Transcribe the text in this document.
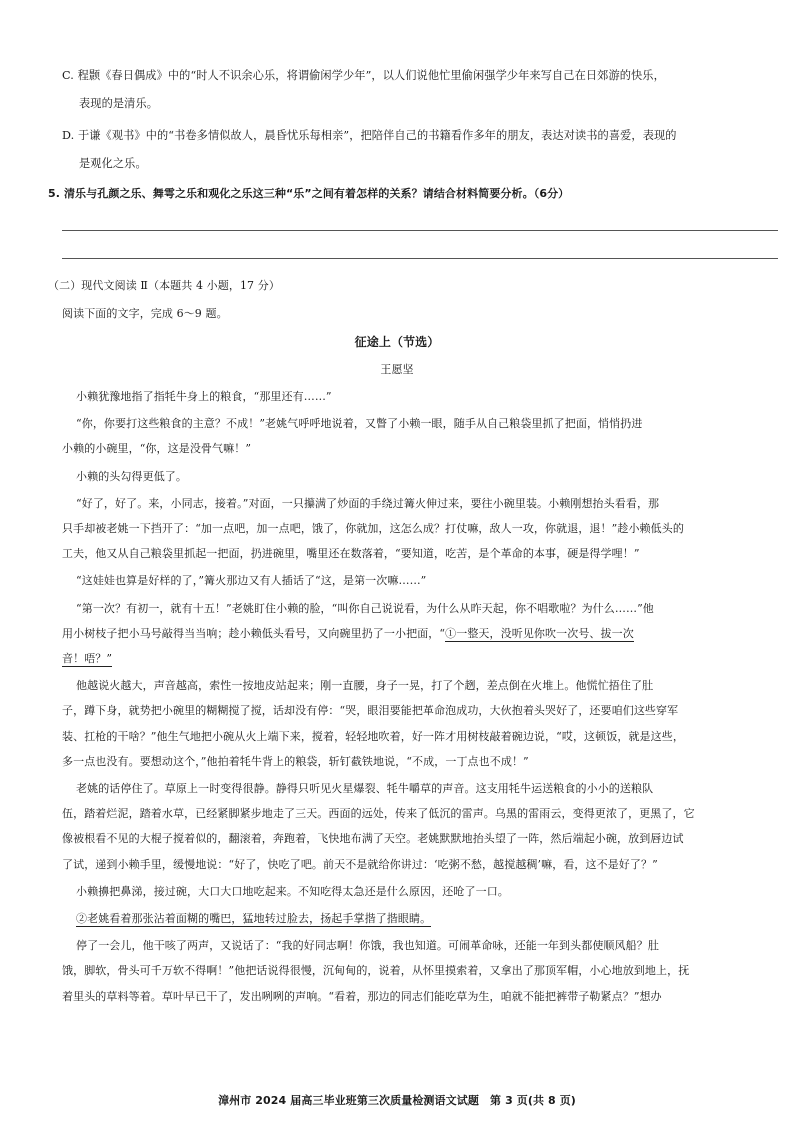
C. 程颢《春日偶成》中的“时人不识余心乐，将谓偷闲学少年”，以人们说他忙里偷闲强学少年来写自己在日郊游的快乐，
表现的是清乐。
D. 于谦《观书》中的“书卷多情似故人，晨昏忧乐每相亲”，把陪伴自己的书籍看作多年的朋友，表达对读书的喜爱，表现的
是观化之乐。
5. 清乐与孔颜之乐、舞雩之乐和观化之乐这三种“乐”之间有着怎样的关系？请结合材料简要分析。（6分）
（二）现代文阅读 Ⅱ（本题共 4 小题，17 分）
阅读下面的文字，完成 6～9 题。
征途上（节选）
王愿坚
小赖犹豫地指了指牦牛身上的粮食，“那里还有……”
“你，你要打这些粮食的主意？不成！”老姚气呼呼地说着，又瞥了小赖一眼，随手从自己粮袋里抓了把面，悄悄扔进
小赖的小碗里，“你，这是没骨气嘛！”
小赖的头勾得更低了。
“好了，好了。来，小同志，接着。”对面，一只攥满了炒面的手绕过篝火伸过来，要往小碗里装。小赖刚想抬头看看，那
只手却被老姚一下挡开了：“加一点吧，加一点吧，饿了，你就加，这怎么成？打仗嘛，敌人一攻，你就退，退！”趁小赖低头的
工夫，他又从自己粮袋里抓起一把面，扔进碗里，嘴里还在数落着，“要知道，吃苦，是个革命的本事，硬是得学哩！”
“这娃娃也算是好样的了，”篝火那边又有人插话了“这，是第一次嘛……”
“第一次？有初一，就有十五！”老姚盯住小赖的脸，“叫你自己说说看，为什么从昨天起，你不唱歌啦？为什么……”他
用小树枝子把小马号敲得当当响；趁小赖低头看号，又向碗里扔了一小把面，“①一整天，没听见你吹一次号、拔一次
音！唔？”
他越说火越大，声音越高，索性一按地皮站起来；刚一直腰，身子一晃，打了个趔，差点倒在火堆上。他慌忙捂住了肚
子，蹲下身，就势把小碗里的糊糊搅了搅，话却没有停：“哭，眼泪要能把革命泡成功，大伙抱着头哭好了，还要咱们这些穿军
装、扛枪的干啥？”他生气地把小碗从火上端下来，搅着，轻轻地吹着，好一阵才用树枝敲着碗边说，“哎，这顿饭，就是这些，
多一点也没有。要想动这个，”他拍着牦牛背上的粮袋，斩钉截铁地说，“不成，一丁点也不成！”
老姚的话停住了。草原上一时变得很静。静得只听见火星爆裂、牦牛嚼草的声音。这支用牦牛运送粮食的小小的送粮队
伍，踏着烂泥，踏着水草，已经紧脚紧步地走了三天。西面的远处，传来了低沉的雷声。乌黑的雷雨云，变得更浓了，更黑了，它
像被根看不见的大棍子搅着似的，翻滚着，奔跑着，飞快地布满了天空。老姚默默地抬头望了一阵，然后端起小碗，放到唇边试
了试，递到小赖手里，缓慢地说：“好了，快吃了吧。前天不是就给你讲过：‘吃粥不愁，越搅越稠’嘛，看，这不是好了？”
小赖擤把鼻涕，接过碗，大口大口地吃起来。不知吃得太急还是什么原因，还呛了一口。
②老姚看着那张沾着面糊的嘴巴，猛地转过脸去，扬起手掌揩了揩眼睛。
停了一会儿，他干咳了两声，又说话了：“我的好同志啊！你饿，我也知道。可闹革命咏，还能一年到头都使顺风船？肚
饿，脚软，骨头可千万软不得啊！”他把话说得很慢，沉甸甸的，说着，从怀里摸索着，又拿出了那顶军帽，小心地放到地上，抚
着里头的草料等着。草叶早已干了，发出咧咧的声响。“看着，那边的同志们能吃草为生，咱就不能把裤带子勒紧点？”想办
漳州市 2024 届高三毕业班第三次质量检测语文试题　第 3 页(共 8 页)
